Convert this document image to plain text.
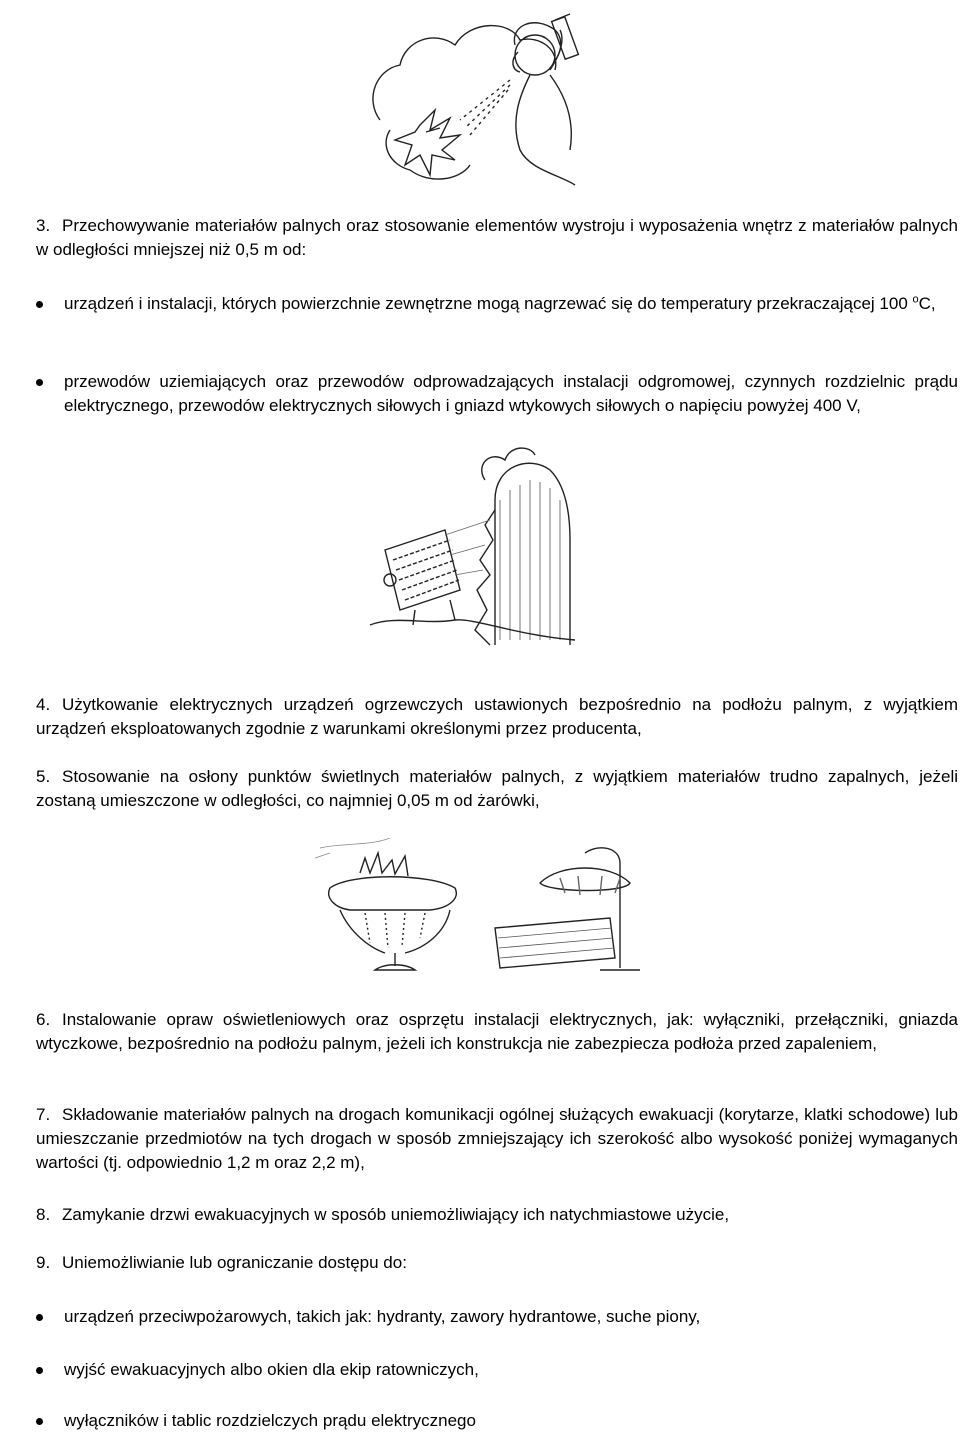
3. Przechowywanie materiałów palnych oraz stosowanie elementów wystroju i wyposażenia wnętrz z materiałów palnych w odległości mniejszej niż 0,5 m od:
urządzeń i instalacji, których powierzchnie zewnętrzne mogą nagrzewać się do temperatury przekraczającej 100 $^o$C,
przewodów uziemiających oraz przewodów odprowadzających instalacji odgromowej, czynnych rozdzielnic prądu elektrycznego, przewodów elektrycznych siłowych i gniazd wtykowych siłowych o napięciu powyżej 400 V,
4. Użytkowanie elektrycznych urządzeń ogrzewczych ustawionych bezpośrednio na podłożu palnym, z wyjątkiem urządzeń eksploatowanych zgodnie z warunkami określonymi przez producenta,
5. Stosowanie na osłony punktów świetlnych materiałów palnych, z wyjątkiem materiałów trudno zapalnych, jeżeli zostaną umieszczone w odległości, co najmniej 0,05 m od żarówki,
6. Instalowanie opraw oświetleniowych oraz osprzętu instalacji elektrycznych, jak: wyłączniki, przełączniki, gniazda wtyczkowe, bezpośrednio na podłożu palnym, jeżeli ich konstrukcja nie zabezpiecza podłoża przed zapaleniem,
7. Składowanie materiałów palnych na drogach komunikacji ogólnej służących ewakuacji (korytarze, klatki schodowe) lub umieszczanie przedmiotów na tych drogach w sposób zmniejszający ich szerokość albo wysokość poniżej wymaganych wartości (tj. odpowiednio 1,2 m oraz 2,2 m),
8. Zamykanie drzwi ewakuacyjnych w sposób uniemożliwiający ich natychmiastowe użycie,
9. Uniemożliwianie lub ograniczanie dostępu do:
urządzeń przeciwpożarowych, takich jak: hydranty, zawory hydrantowe, suche piony,
wyjść ewakuacyjnych albo okien dla ekip ratowniczych,
wyłączników i tablic rozdzielczych prądu elektrycznego
